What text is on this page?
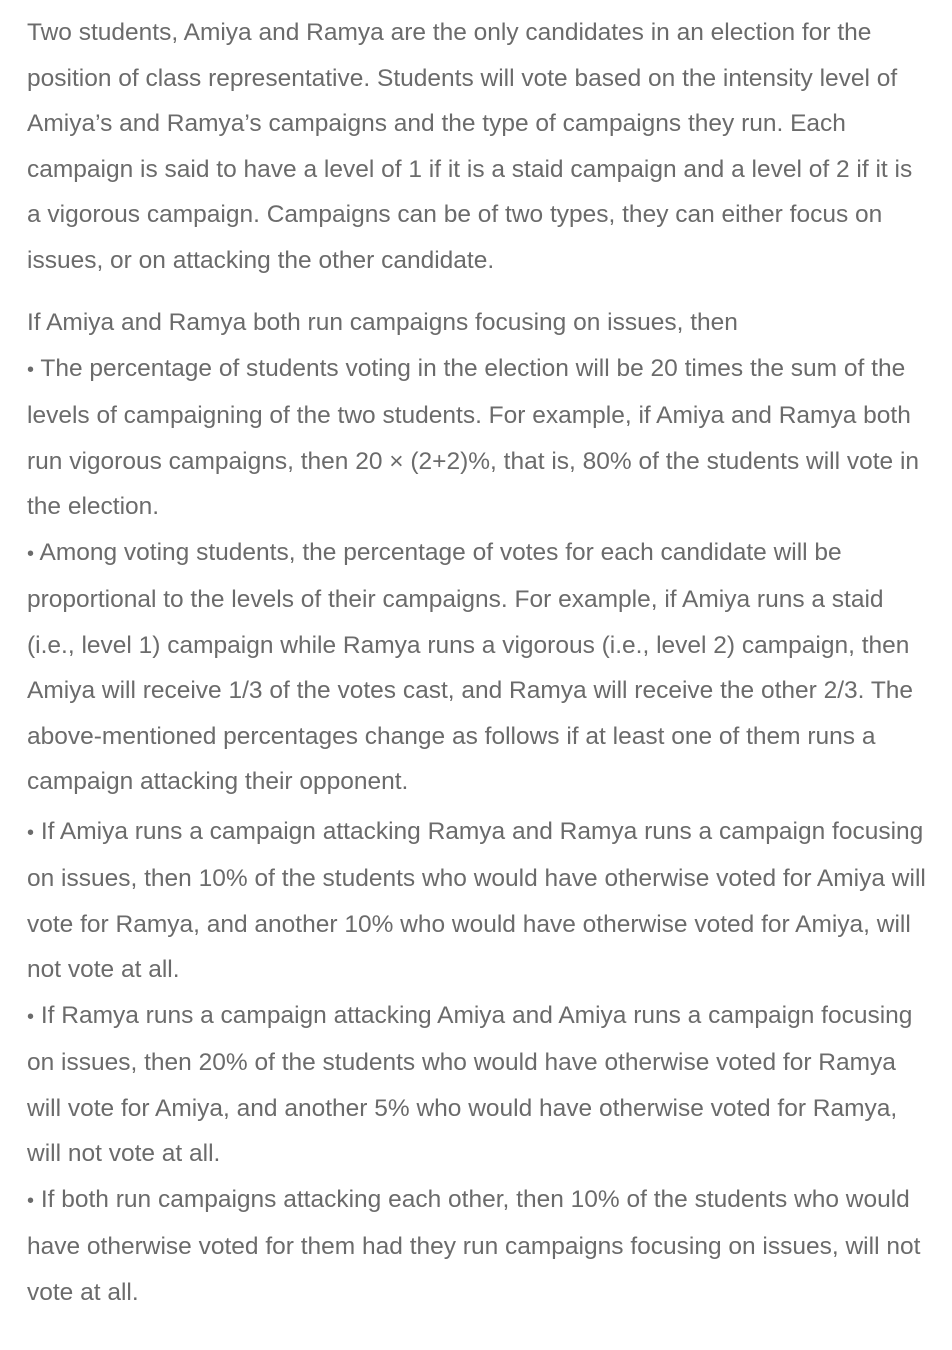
Two students, Amiya and Ramya are the only candidates in an election for the position of class representative. Students will vote based on the intensity level of Amiya’s and Ramya’s campaigns and the type of campaigns they run. Each campaign is said to have a level of 1 if it is a staid campaign and a level of 2 if it is a vigorous campaign. Campaigns can be of two types, they can either focus on issues, or on attacking the other candidate.

If Amiya and Ramya both run campaigns focusing on issues, then

• The percentage of students voting in the election will be 20 times the sum of the levels of campaigning of the two students. For example, if Amiya and Ramya both run vigorous campaigns, then 20 × (2+2)%, that is, 80% of the students will vote in the election.
• Among voting students, the percentage of votes for each candidate will be proportional to the levels of their campaigns. For example, if Amiya runs a staid (i.e., level 1) campaign while Ramya runs a vigorous (i.e., level 2) campaign, then Amiya will receive 1/3 of the votes cast, and Ramya will receive the other 2/3. The above-mentioned percentages change as follows if at least one of them runs a campaign attacking their opponent.
• If Amiya runs a campaign attacking Ramya and Ramya runs a campaign focusing on issues, then 10% of the students who would have otherwise voted for Amiya will vote for Ramya, and another 10% who would have otherwise voted for Amiya, will not vote at all.
• If Ramya runs a campaign attacking Amiya and Amiya runs a campaign focusing on issues, then 20% of the students who would have otherwise voted for Ramya will vote for Amiya, and another 5% who would have otherwise voted for Ramya, will not vote at all.
• If both run campaigns attacking each other, then 10% of the students who would have otherwise voted for them had they run campaigns focusing on issues, will not vote at all.
